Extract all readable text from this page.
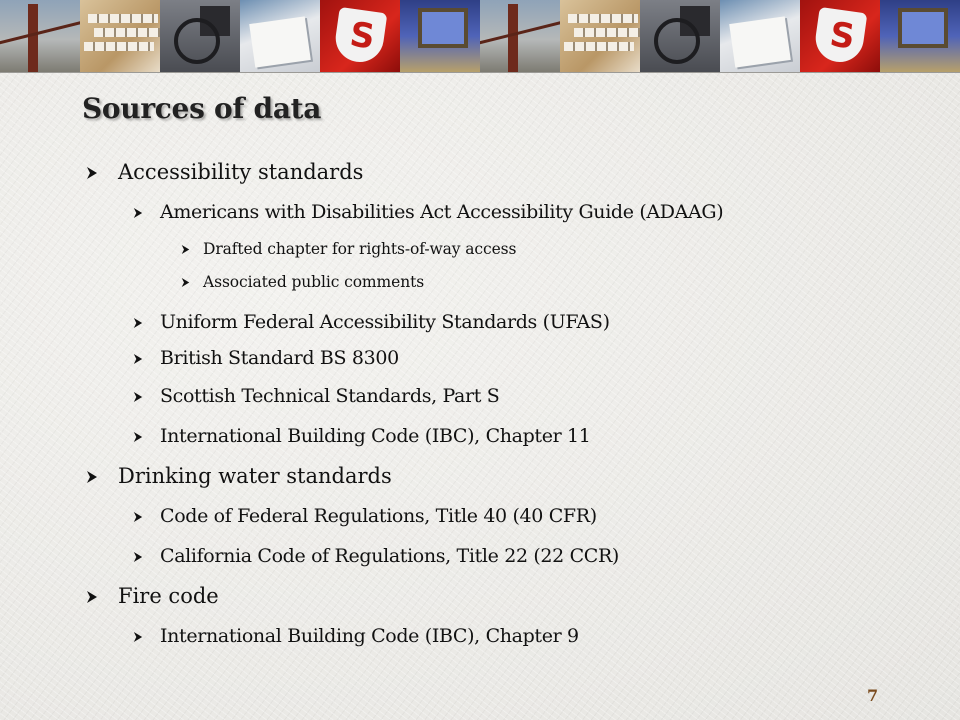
S	S
Sources of data
Accessibility standards
Americans with Disabilities Act Accessibility Guide (ADAAG)
Drafted chapter for rights-of-way access
Associated public comments
Uniform Federal Accessibility Standards (UFAS)
British Standard BS 8300
Scottish Technical Standards, Part S
International Building Code (IBC), Chapter 11
Drinking water standards
Code of Federal Regulations, Title 40 (40 CFR)
California Code of Regulations, Title 22 (22 CCR)
Fire code
International Building Code (IBC), Chapter 9
7
